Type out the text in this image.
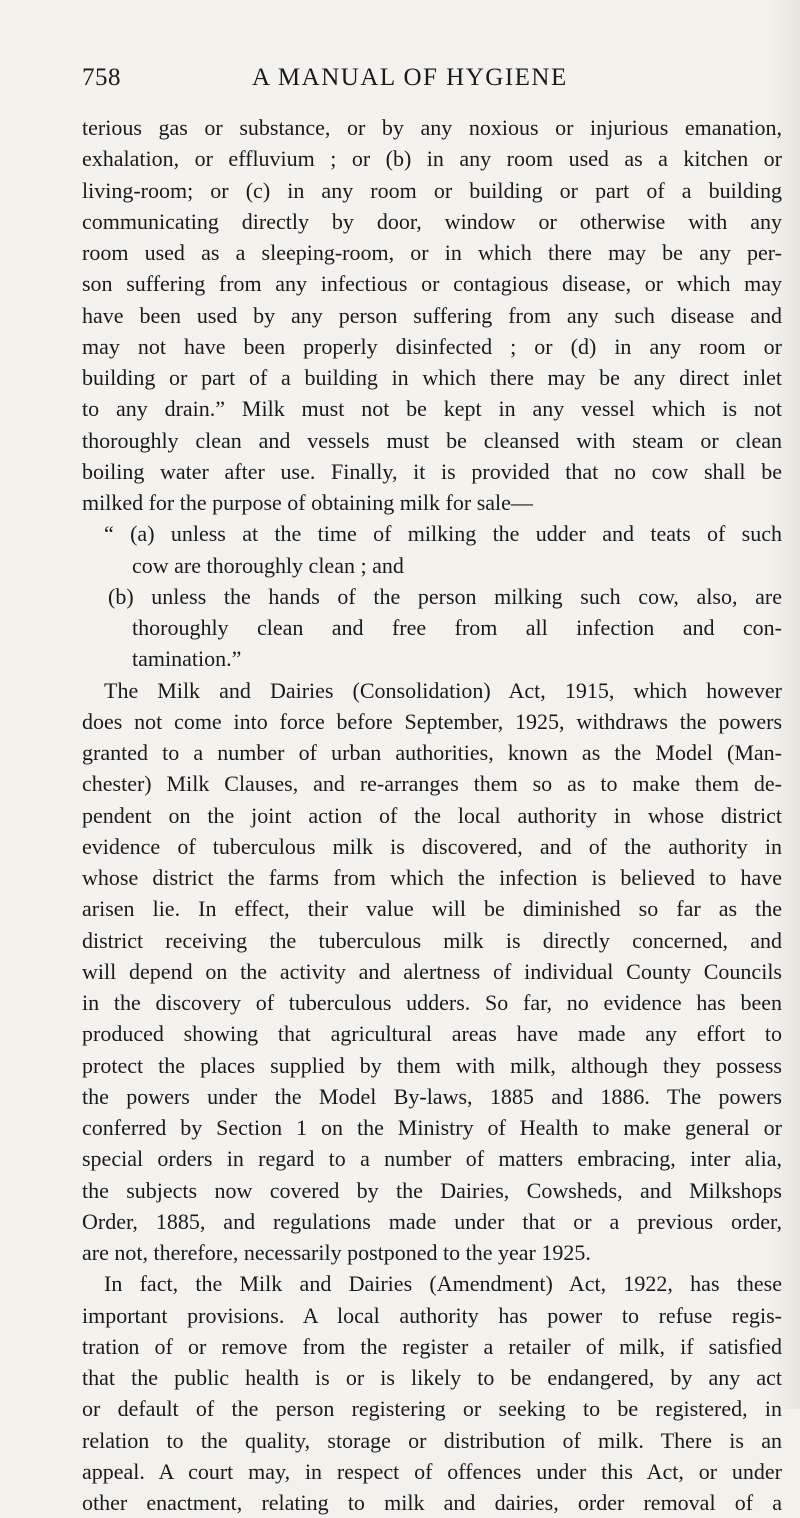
758	A MANUAL OF HYGIENE
terious gas or substance, or by any noxious or injurious emanation,
exhalation, or effluvium ; or (b) in any room used as a kitchen or
living-room; or (c) in any room or building or part of a building
communicating directly by door, window or otherwise with any
room used as a sleeping-room, or in which there may be any per-
son suffering from any infectious or contagious disease, or which may
have been used by any person suffering from any such disease and
may not have been properly disinfected ; or (d) in any room or
building or part of a building in which there may be any direct inlet
to any drain.” Milk must not be kept in any vessel which is not
thoroughly clean and vessels must be cleansed with steam or clean
boiling water after use. Finally, it is provided that no cow shall be
milked for the purpose of obtaining milk for sale—
“ (a) unless at the time of milking the udder and teats of such
cow are thoroughly clean ; and
(b) unless the hands of the person milking such cow, also, are
thoroughly clean and free from all infection and con-
tamination.”
The Milk and Dairies (Consolidation) Act, 1915, which however
does not come into force before September, 1925, withdraws the powers
granted to a number of urban authorities, known as the Model (Man-
chester) Milk Clauses, and re-arranges them so as to make them de-
pendent on the joint action of the local authority in whose district
evidence of tuberculous milk is discovered, and of the authority in
whose district the farms from which the infection is believed to have
arisen lie. In effect, their value will be diminished so far as the
district receiving the tuberculous milk is directly concerned, and
will depend on the activity and alertness of individual County Councils
in the discovery of tuberculous udders. So far, no evidence has been
produced showing that agricultural areas have made any effort to
protect the places supplied by them with milk, although they possess
the powers under the Model By-laws, 1885 and 1886. The powers
conferred by Section 1 on the Ministry of Health to make general or
special orders in regard to a number of matters embracing, inter alia,
the subjects now covered by the Dairies, Cowsheds, and Milkshops
Order, 1885, and regulations made under that or a previous order,
are not, therefore, necessarily postponed to the year 1925.
In fact, the Milk and Dairies (Amendment) Act, 1922, has these
important provisions. A local authority has power to refuse regis-
tration of or remove from the register a retailer of milk, if satisfied
that the public health is or is likely to be endangered, by any act
or default of the person registering or seeking to be registered, in
relation to the quality, storage or distribution of milk. There is an
appeal. A court may, in respect of offences under this Act, or under
other enactment, relating to milk and dairies, order removal of a
